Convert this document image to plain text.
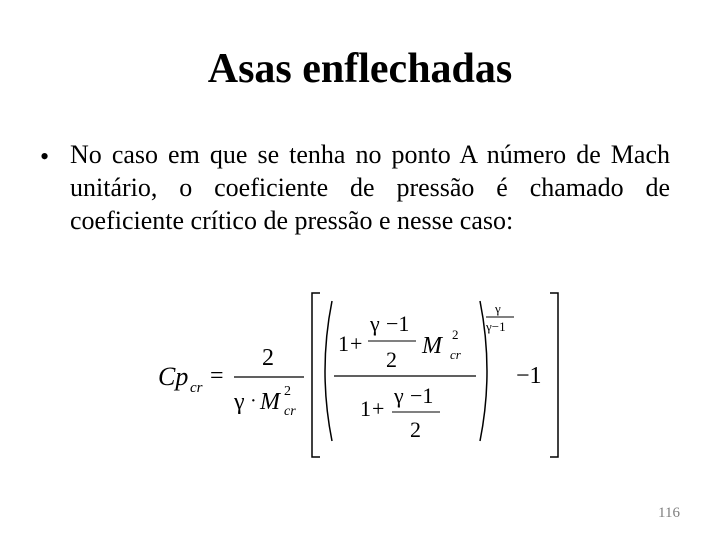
Asas enflechadas
• No caso em que se tenha no ponto A número de Mach unitário, o coeficiente de pressão é chamado de coeficiente crítico de pressão e nesse caso:
Cp cr =
2
γ · M 2
cr
1 +
γ −1
2
M 2
cr
1 +
γ −1
2
γ
γ−1
−1
116
